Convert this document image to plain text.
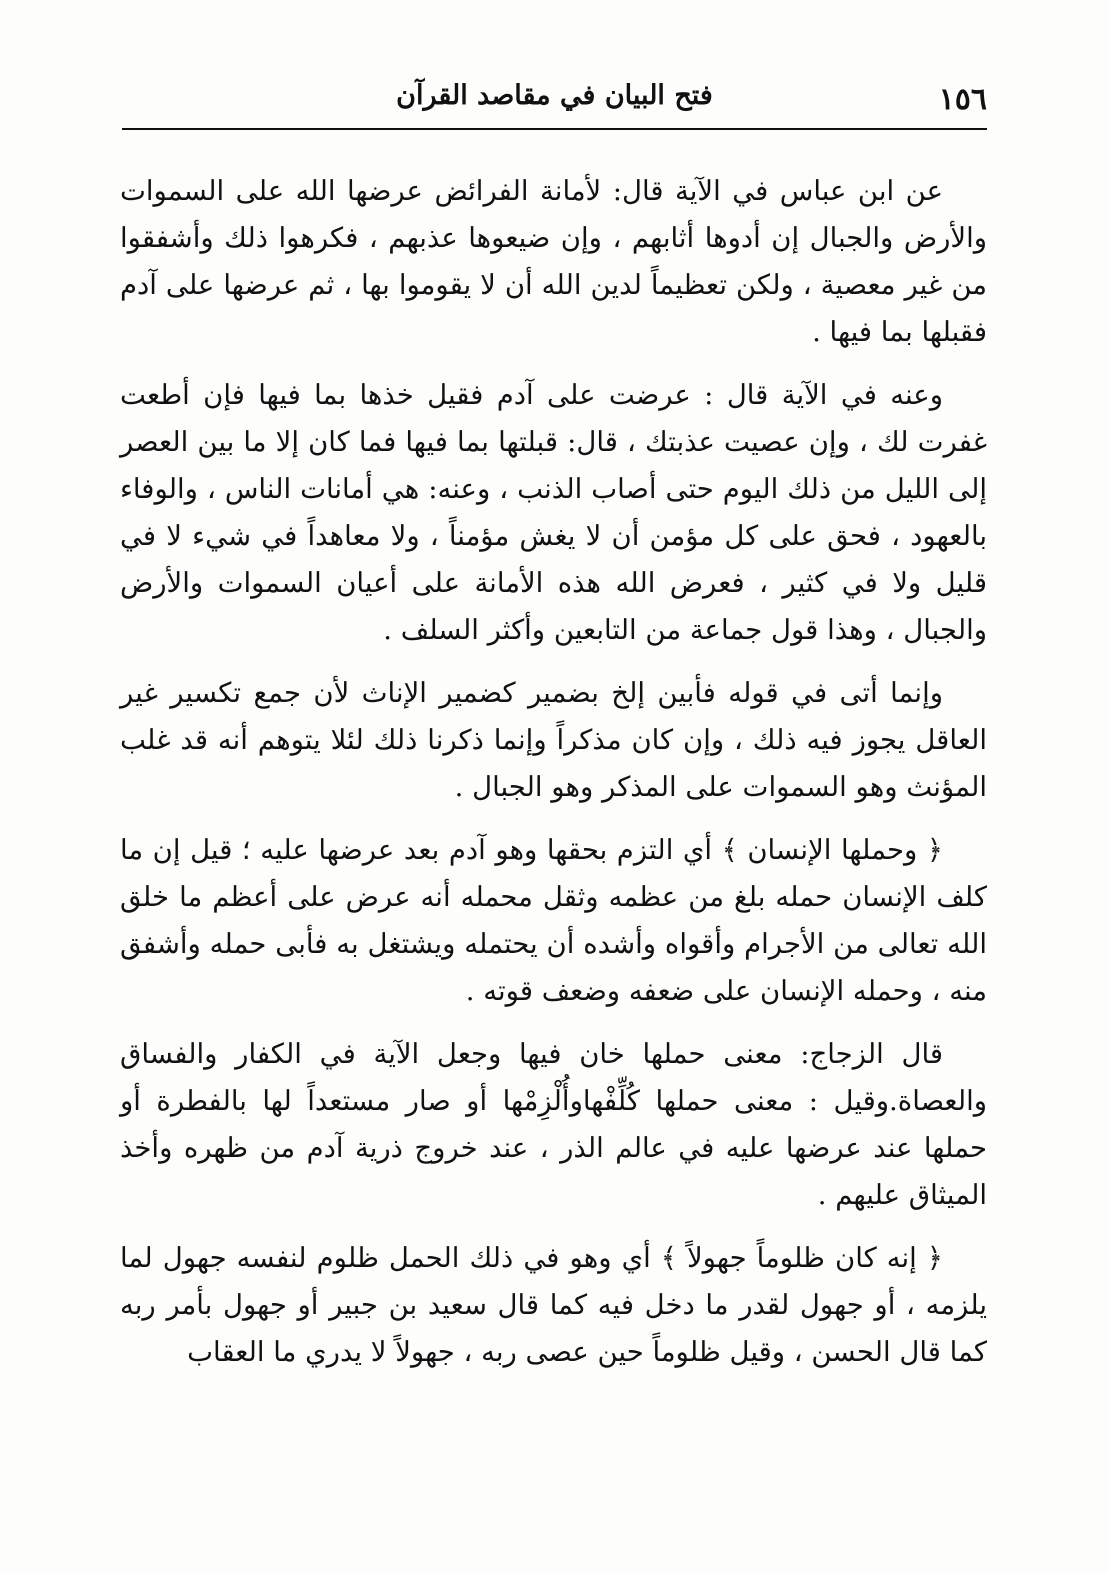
١٥٦
فتح البيان في مقاصد القرآن

عن ابن عباس في الآية قال: لأمانة الفرائض عرضها الله على السموات والأرض والجبال إن أدوها أثابهم ، وإن ضيعوها عذبهم ، فكرهوا ذلك وأشفقوا من غير معصية ، ولكن تعظيماً لدين الله أن لا يقوموا بها ، ثم عرضها على آدم فقبلها بما فيها .

وعنه في الآية قال : عرضت على آدم فقيل خذها بما فيها فإن أطعت غفرت لك ، وإن عصيت عذبتك ، قال: قبلتها بما فيها فما كان إلا ما بين العصر إلى الليل من ذلك اليوم حتى أصاب الذنب ، وعنه: هي أمانات الناس ، والوفاء بالعهود ، فحق على كل مؤمن أن لا يغش مؤمناً ، ولا معاهداً في شيء لا في قليل ولا في كثير ، فعرض الله هذه الأمانة على أعيان السموات والأرض والجبال ، وهذا قول جماعة من التابعين وأكثر السلف .

وإنما أتى في قوله فأبين إلخ بضمير كضمير الإناث لأن جمع تكسير غير العاقل يجوز فيه ذلك ، وإن كان مذكراً وإنما ذكرنا ذلك لئلا يتوهم أنه قد غلب المؤنث وهو السموات على المذكر وهو الجبال .

﴿ وحملها الإنسان ﴾ أي التزم بحقها وهو آدم بعد عرضها عليه ؛ قيل إن ما كلف الإنسان حمله بلغ من عظمه وثقل محمله أنه عرض على أعظم ما خلق الله تعالى من الأجرام وأقواه وأشده أن يحتمله ويشتغل به فأبى حمله وأشفق منه ، وحمله الإنسان على ضعفه وضعف قوته .

قال الزجاج: معنى حملها خان فيها وجعل الآية في الكفار والفساق والعصاة.وقيل : معنى حملها كُلِّفْهاوأُلْزِمْها أو صار مستعداً لها بالفطرة أو حملها عند عرضها عليه في عالم الذر ، عند خروج ذرية آدم من ظهره وأخذ الميثاق عليهم .

﴿ إنه كان ظلوماً جهولاً ﴾ أي وهو في ذلك الحمل ظلوم لنفسه جهول لما يلزمه ، أو جهول لقدر ما دخل فيه كما قال سعيد بن جبير أو جهول بأمر ربه كما قال الحسن ، وقيل ظلوماً حين عصى ربه ، جهولاً لا يدري ما العقاب
